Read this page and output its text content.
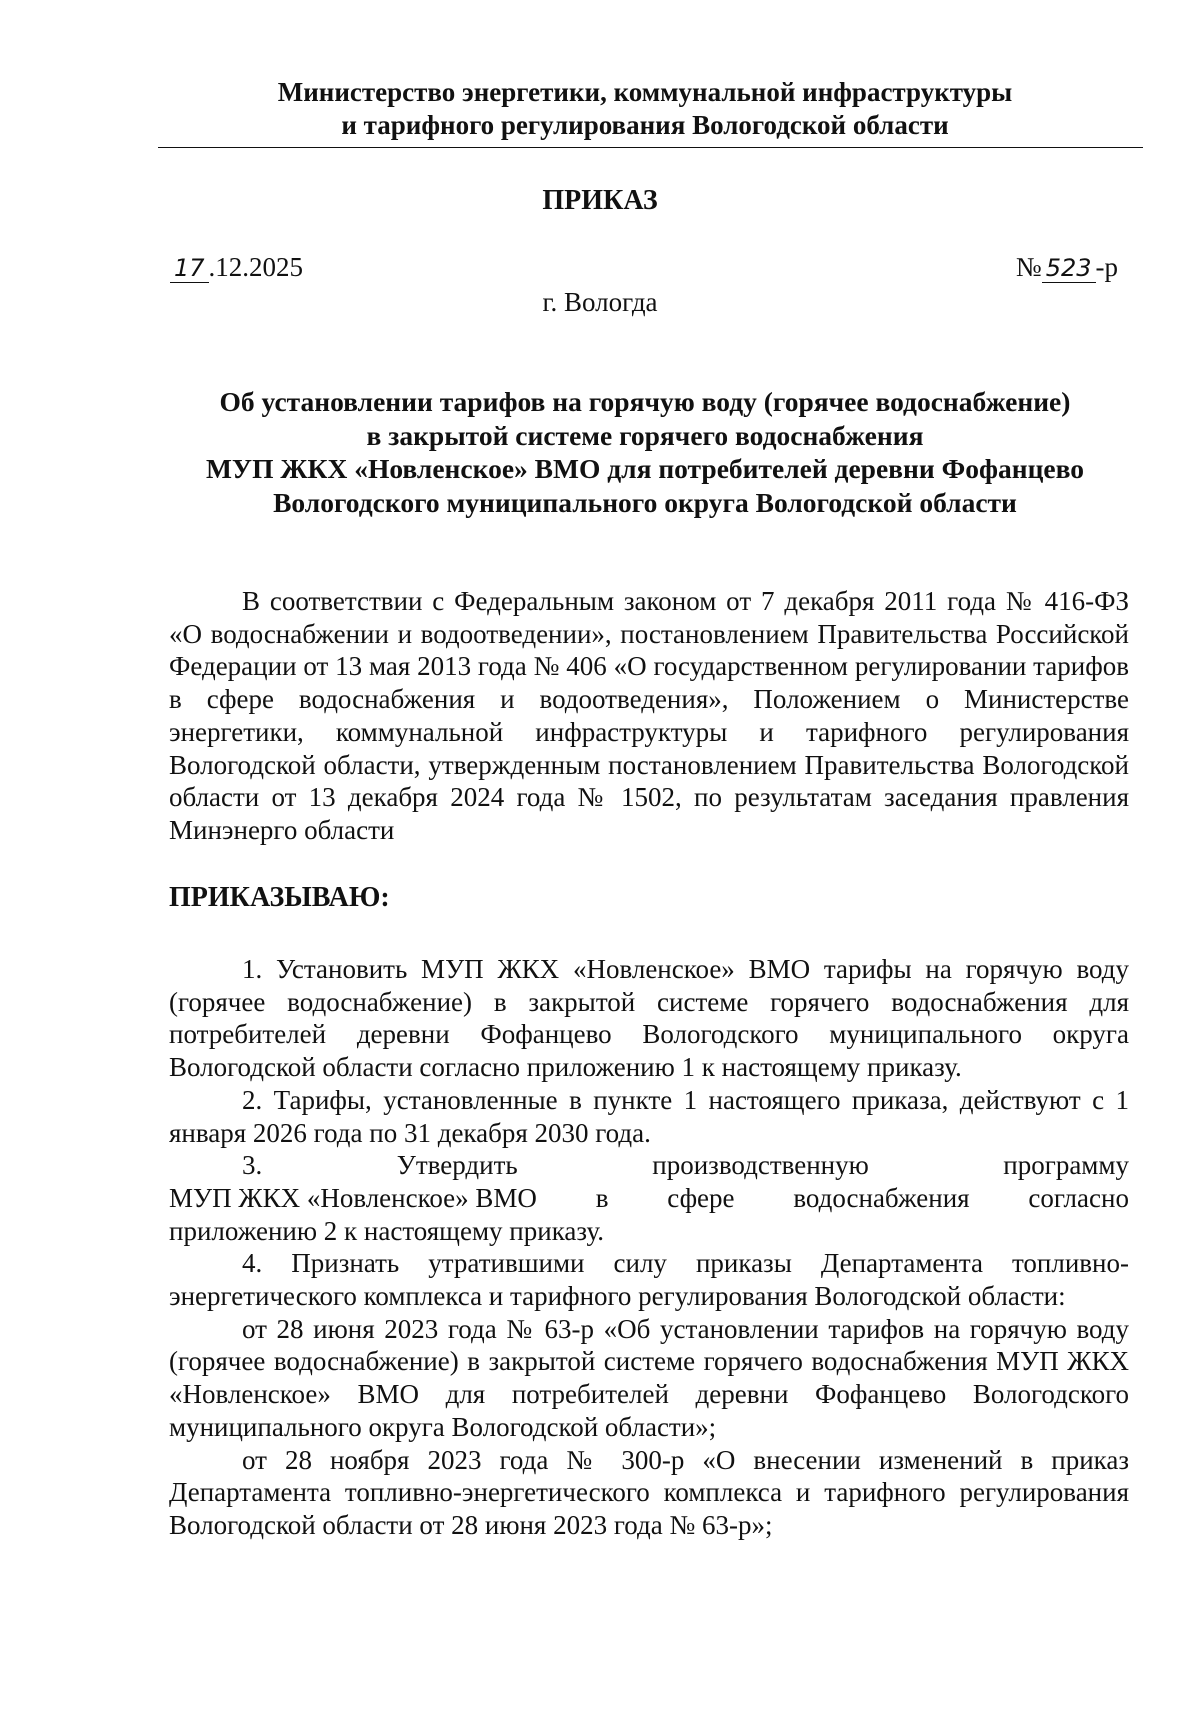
Министерство энергетики, коммунальной инфраструктуры
и тарифного регулирования Вологодской области
ПРИКАЗ
17 .12.2025	№ 523 -р
г. Вологда
Об установлении тарифов на горячую воду (горячее водоснабжение)
в закрытой системе горячего водоснабжения
МУП ЖКХ «Новленское» ВМО для потребителей деревни Фофанцево
Вологодского муниципального округа Вологодской области

В соответствии с Федеральным законом от 7 декабря 2011 года № 416-ФЗ «О водоснабжении и водоотведении», постановлением Правительства Российской Федерации от 13 мая 2013 года № 406 «О государственном регулировании тарифов в сфере водоснабжения и водоотведения», Положением о Министерстве энергетики, коммунальной инфраструктуры и тарифного регулирования Вологодской области, утвержденным постановлением Правительства Вологодской области от 13 декабря 2024 года № 1502, по результатам заседания правления Минэнерго области

ПРИКАЗЫВАЮ:

1. Установить МУП ЖКХ «Новленское» ВМО тарифы на горячую воду (горячее водоснабжение) в закрытой системе горячего водоснабжения для потребителей деревни Фофанцево Вологодского муниципального округа Вологодской области согласно приложению 1 к настоящему приказу.

2. Тарифы, установленные в пункте 1 настоящего приказа, действуют с 1 января 2026 года по 31 декабря 2030 года.

3.	Утвердить	производственную	программу
МУП ЖКХ «Новленское» ВМО в сфере водоснабжения согласно
приложению 2 к настоящему приказу.

4. Признать утратившими силу приказы Департамента топливно-энергетического комплекса и тарифного регулирования Вологодской области:

от 28 июня 2023 года № 63-р «Об установлении тарифов на горячую воду (горячее водоснабжение) в закрытой системе горячего водоснабжения МУП ЖКХ «Новленское» ВМО для потребителей деревни Фофанцево Вологодского муниципального округа Вологодской области»;

от 28 ноября 2023 года № 300-р «О внесении изменений в приказ Департамента топливно-энергетического комплекса и тарифного регулирования Вологодской области от 28 июня 2023 года № 63-р»;
